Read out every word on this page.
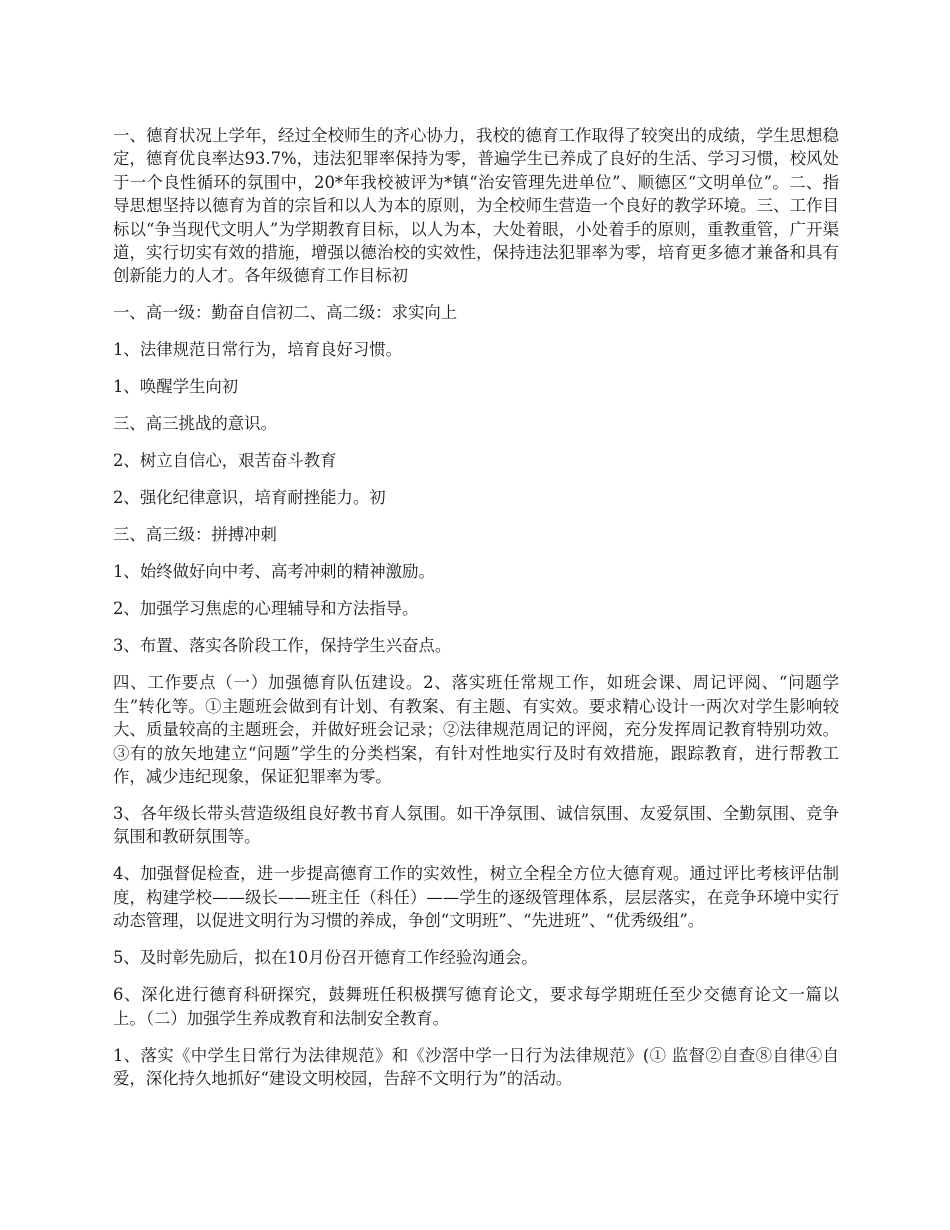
一、德育状况上学年，经过全校师生的齐心协力，我校的德育工作取得了较突出的成绩，学生思想稳定，德育优良率达93.7%，违法犯罪率保持为零，普遍学生已养成了良好的生活、学习习惯，校风处于一个良性循环的氛围中，20*年我校被评为*镇“治安管理先进单位”、顺德区“文明单位”。二、指导思想坚持以德育为首的宗旨和以人为本的原则，为全校师生营造一个良好的教学环境。三、工作目标以“争当现代文明人”为学期教育目标，以人为本，大处着眼，小处着手的原则，重教重管，广开渠道，实行切实有效的措施，增强以德治校的实效性，保持违法犯罪率为零，培育更多德才兼备和具有创新能力的人才。各年级德育工作目标初

一、高一级：勤奋自信初二、高二级：求实向上

1、法律规范日常行为，培育良好习惯。

1、唤醒学生向初

三、高三挑战的意识。

2、树立自信心，艰苦奋斗教育

2、强化纪律意识，培育耐挫能力。初

三、高三级：拼搏冲刺

1、始终做好向中考、高考冲刺的精神激励。

2、加强学习焦虑的心理辅导和方法指导。

3、布置、落实各阶段工作，保持学生兴奋点。

四、工作要点（一）加强德育队伍建设。2、落实班任常规工作，如班会课、周记评阅、“问题学生”转化等。①主题班会做到有计划、有教案、有主题、有实效。要求精心设计一两次对学生影响较大、质量较高的主题班会，并做好班会记录；②法律规范周记的评阅，充分发挥周记教育特别功效。③有的放矢地建立“问题”学生的分类档案，有针对性地实行及时有效措施，跟踪教育，进行帮教工作，减少违纪现象，保证犯罪率为零。

3、各年级长带头营造级组良好教书育人氛围。如干净氛围、诚信氛围、友爱氛围、全勤氛围、竞争氛围和教研氛围等。

4、加强督促检查，进一步提高德育工作的实效性，树立全程全方位大德育观。通过评比考核评估制度，构建学校——级长——班主任（科任）——学生的逐级管理体系，层层落实，在竞争环境中实行动态管理，以促进文明行为习惯的养成，争创“文明班”、“先进班”、“优秀级组”。

5、及时彰先励后，拟在10月份召开德育工作经验沟通会。

6、深化进行德育科研探究，鼓舞班任积极撰写德育论文，要求每学期班任至少交德育论文一篇以上。（二）加强学生养成教育和法制安全教育。

1、落实《中学生日常行为法律规范》和《沙滘中学一日行为法律规范》(① 监督②自查⑧自律④自爱，深化持久地抓好“建设文明校园，告辞不文明行为”的活动。
